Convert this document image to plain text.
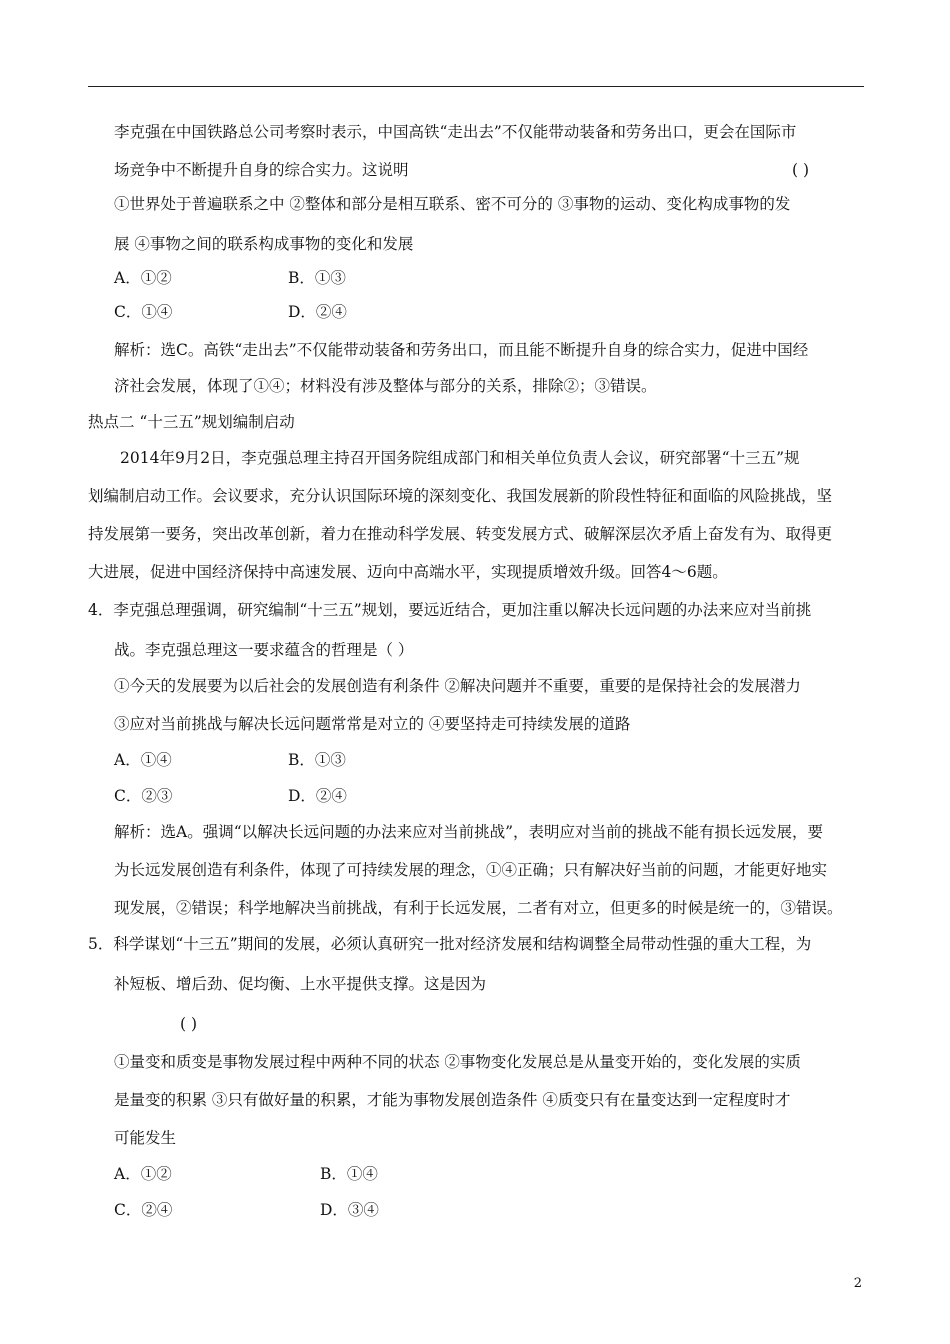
李克强在中国铁路总公司考察时表示，中国高铁“走出去”不仅能带动装备和劳务出口，更会在国际市
场竞争中不断提升自身的综合实力。这说明	( )
①世界处于普遍联系之中 ②整体和部分是相互联系、密不可分的 ③事物的运动、变化构成事物的发
展 ④事物之间的联系构成事物的变化和发展
A．①②	B．①③
C．①④	D．②④
解析：选C。高铁“走出去”不仅能带动装备和劳务出口，而且能不断提升自身的综合实力，促进中国经
济社会发展，体现了①④；材料没有涉及整体与部分的关系，排除②；③错误。
热点二 “十三五”规划编制启动
2014年9月2日，李克强总理主持召开国务院组成部门和相关单位负责人会议，研究部署“十三五”规
划编制启动工作。会议要求，充分认识国际环境的深刻变化、我国发展新的阶段性特征和面临的风险挑战，坚
持发展第一要务，突出改革创新，着力在推动科学发展、转变发展方式、破解深层次矛盾上奋发有为、取得更
大进展，促进中国经济保持中高速发展、迈向中高端水平，实现提质增效升级。回答4～6题。
4．李克强总理强调，研究编制“十三五”规划，要远近结合，更加注重以解决长远问题的办法来应对当前挑
战。李克强总理这一要求蕴含的哲理是（ ）
①今天的发展要为以后社会的发展创造有利条件 ②解决问题并不重要，重要的是保持社会的发展潜力
③应对当前挑战与解决长远问题常常是对立的 ④要坚持走可持续发展的道路
A．①④	B．①③
C．②③	D．②④
解析：选A。强调“以解决长远问题的办法来应对当前挑战”，表明应对当前的挑战不能有损长远发展，要
为长远发展创造有利条件，体现了可持续发展的理念，①④正确；只有解决好当前的问题，才能更好地实
现发展，②错误；科学地解决当前挑战，有利于长远发展，二者有对立，但更多的时候是统一的，③错误。
5．科学谋划“十三五”期间的发展，必须认真研究一批对经济发展和结构调整全局带动性强的重大工程，为
补短板、增后劲、促均衡、上水平提供支撑。这是因为
( )
①量变和质变是事物发展过程中两种不同的状态 ②事物变化发展总是从量变开始的，变化发展的实质
是量变的积累 ③只有做好量的积累，才能为事物发展创造条件 ④质变只有在量变达到一定程度时才
可能发生
A．①②	B．①④
C．②④	D．③④
2
